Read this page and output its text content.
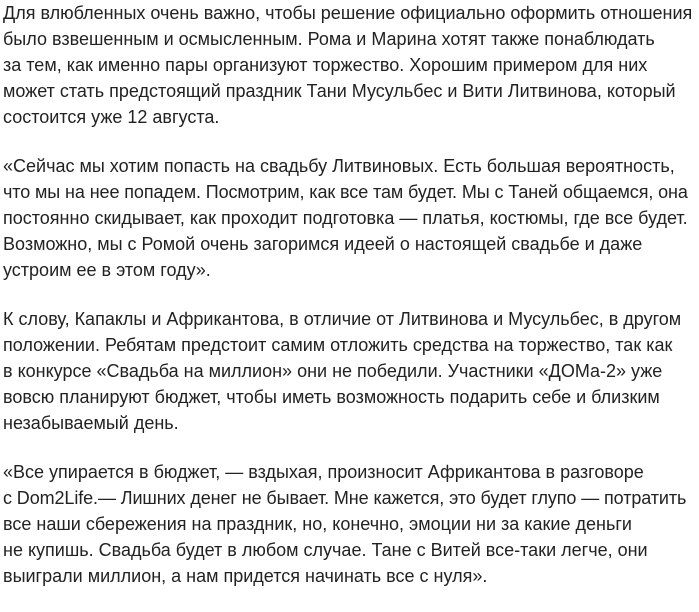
Для влюбленных очень важно, чтобы решение официально оформить отношения
было взвешенным и осмысленным. Рома и Марина хотят также понаблюдать
за тем, как именно пары организуют торжество. Хорошим примером для них
может стать предстоящий праздник Тани Мусульбес и Вити Литвинова, который
состоится уже 12 августа.
«Сейчас мы хотим попасть на свадьбу Литвиновых. Есть большая вероятность,
что мы на нее попадем. Посмотрим, как все там будет. Мы с Таней общаемся, она
постоянно скидывает, как проходит подготовка — платья, костюмы, где все будет.
Возможно, мы с Ромой очень загоримся идеей о настоящей свадьбе и даже
устроим ее в этом году».
К слову, Капаклы и Африкантова, в отличие от Литвинова и Мусульбес, в другом
положении. Ребятам предстоит самим отложить средства на торжество, так как
в конкурсе «Свадьба на миллион» они не победили. Участники «ДОМа-2» уже
вовсю планируют бюджет, чтобы иметь возможность подарить себе и близким
незабываемый день.
«Все упирается в бюджет, — вздыхая, произносит Африкантова в разговоре
с Dom2Life.— Лишних денег не бывает. Мне кажется, это будет глупо — потратить
все наши сбережения на праздник, но, конечно, эмоции ни за какие деньги
не купишь. Свадьба будет в любом случае. Тане с Витей все-таки легче, они
выиграли миллион, а нам придется начинать все с нуля».
